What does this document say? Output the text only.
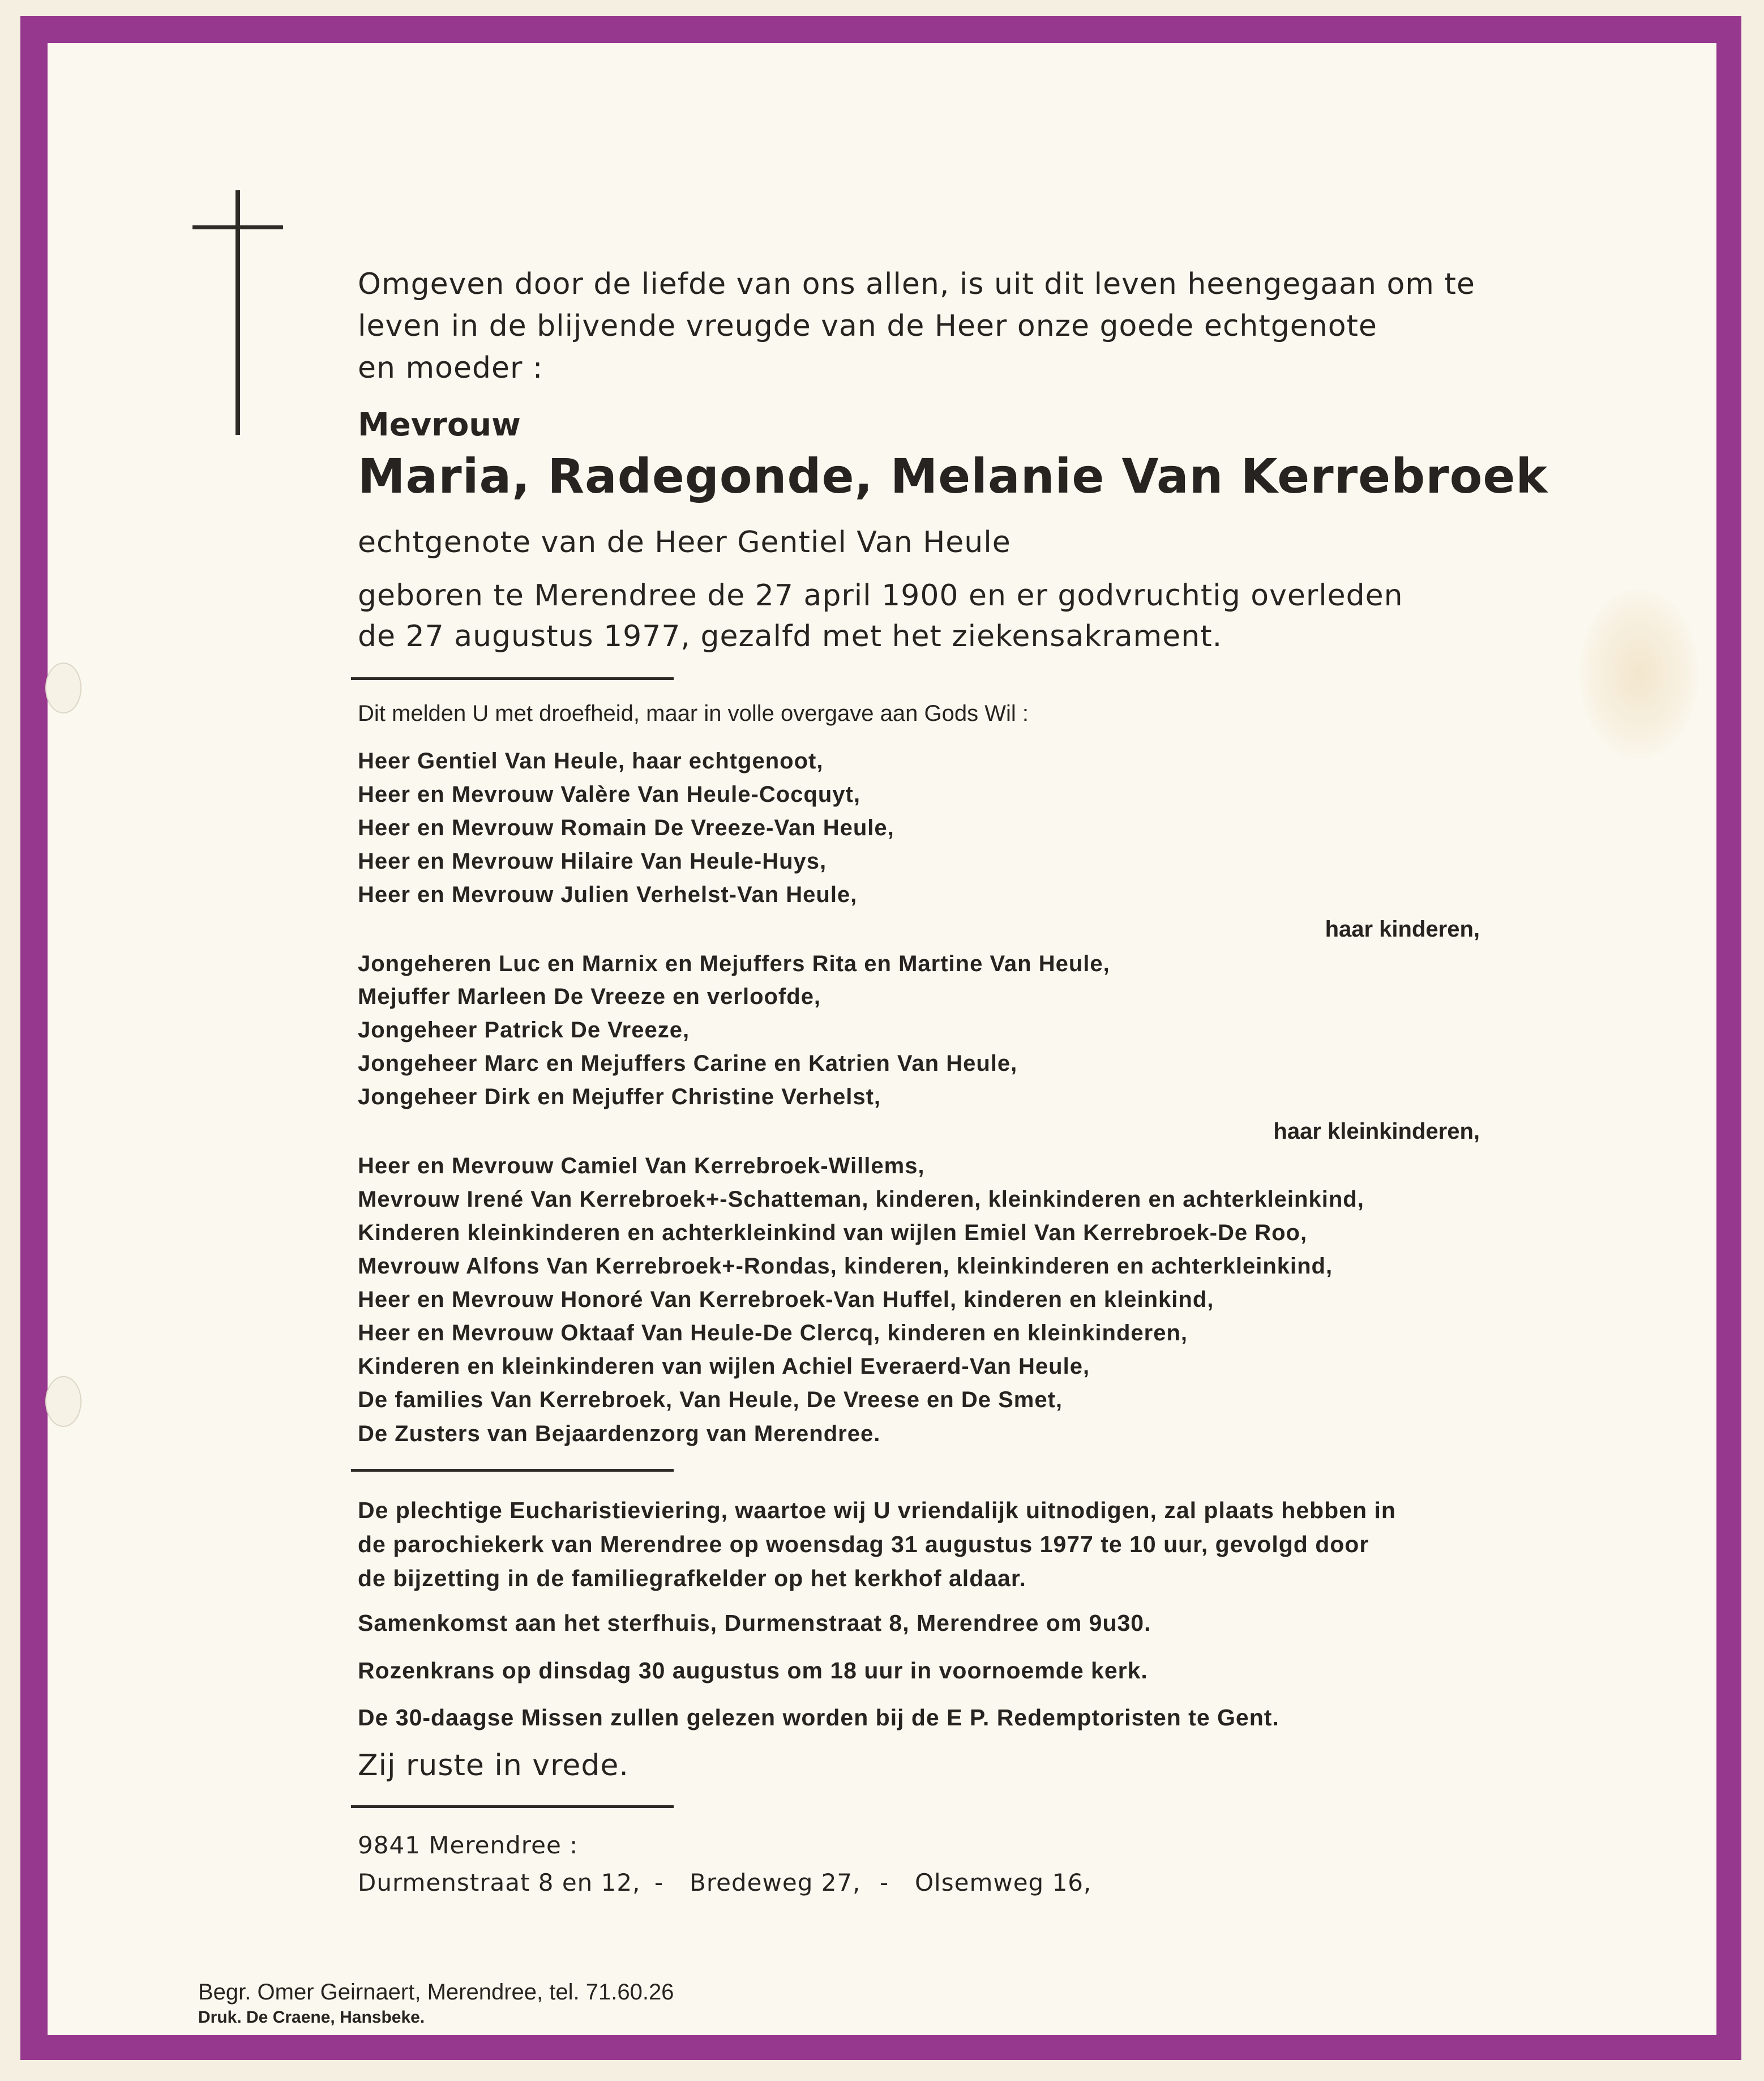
Omgeven door de liefde van ons allen, is uit dit leven heengegaan om te
leven in de blijvende vreugde van de Heer onze goede echtgenote
en moeder :
Mevrouw
Maria, Radegonde, Melanie Van Kerrebroek
echtgenote van de Heer Gentiel Van Heule
geboren te Merendree de 27 april 1900 en er godvruchtig overleden
de 27 augustus 1977, gezalfd met het ziekensakrament.
Dit melden U met droefheid, maar in volle overgave aan Gods Wil :
Heer Gentiel Van Heule, haar echtgenoot,
Heer en Mevrouw Valère Van Heule-Cocquyt,
Heer en Mevrouw Romain De Vreeze-Van Heule,
Heer en Mevrouw Hilaire Van Heule-Huys,
Heer en Mevrouw Julien Verhelst-Van Heule,
haar kinderen,
Jongeheren Luc en Marnix en Mejuffers Rita en Martine Van Heule,
Mejuffer Marleen De Vreeze en verloofde,
Jongeheer Patrick De Vreeze,
Jongeheer Marc en Mejuffers Carine en Katrien Van Heule,
Jongeheer Dirk en Mejuffer Christine Verhelst,
haar kleinkinderen,
Heer en Mevrouw Camiel Van Kerrebroek-Willems,
Mevrouw Irené Van Kerrebroek+-Schatteman, kinderen, kleinkinderen en achterkleinkind,
Kinderen kleinkinderen en achterkleinkind van wijlen Emiel Van Kerrebroek-De Roo,
Mevrouw Alfons Van Kerrebroek+-Rondas, kinderen, kleinkinderen en achterkleinkind,
Heer en Mevrouw Honoré Van Kerrebroek-Van Huffel, kinderen en kleinkind,
Heer en Mevrouw Oktaaf Van Heule-De Clercq, kinderen en kleinkinderen,
Kinderen en kleinkinderen van wijlen Achiel Everaerd-Van Heule,
De families Van Kerrebroek, Van Heule, De Vreese en De Smet,
De Zusters van Bejaardenzorg van Merendree.
De plechtige Eucharistieviering, waartoe wij U vriendalijk uitnodigen, zal plaats hebben in
de parochiekerk van Merendree op woensdag 31 augustus 1977 te 10 uur, gevolgd door
de bijzetting in de familiegrafkelder op het kerkhof aldaar.
Samenkomst aan het sterfhuis, Durmenstraat 8, Merendree om 9u30.
Rozenkrans op dinsdag 30 augustus om 18 uur in voornoemde kerk.
De 30-daagse Missen zullen gelezen worden bij de E P. Redemptoristen te Gent.
Zij ruste in vrede.
9841 Merendree :
Durmenstraat 8 en 12, - Bredeweg 27, - Olsemweg 16,
Begr. Omer Geirnaert, Merendree, tel. 71.60.26
Druk. De Craene, Hansbeke.
